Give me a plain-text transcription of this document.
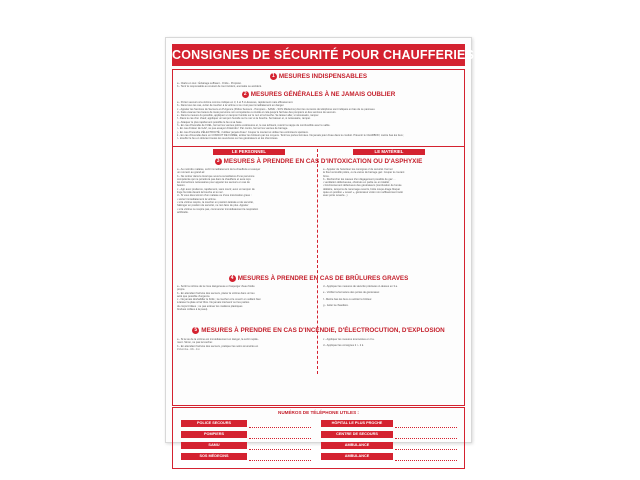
CONSIGNES DE SÉCURITÉ POUR CHAUFFERIES
1 MESURES INDISPENSABLES
a - Clarté en tout : Éclairage suffisant - Ordre - Propreté.
b - Tenir le responsable au courant de tout incident, anomalie ou accident.
2 MESURES GÉNÉRALES À NE JAMAIS OUBLIER
a - Porter secours à la victime comme indiqué en 3, 4 et 5 ci-dessous, rapidement mais efficacement.
b - Dans tous les cas, éviter de toucher à la victime si ce n'est pas immédiatement en danger.
c - Appeler les Services de Secours et d'Urgence (Police Secours - Pompiers - SAMU - SOS Médecins) dont les numéros de téléphone sont indiqués en bas de ce panneau.
d - Faire évacuer les locaux de toute personne non compétente ou inutile et cela jusqu'à l'arrivée des pompiers et des services de secours.
e - Dans la mesure du possible, appliquer un tampon humide sur le nez et la bouche. Se laisser aller, si nécessaire, ramper.
f - Dans le cas d'un chauf, appliquer un tampon humide sur le nez et la bouche. Se baisser et, si nécessaire, ramper.
g - Attaquer le plus rapidement possible le feu à sa base.
h - En cas d'incendie de FUEL, fermer les vannes police extérieures et, le cas échéant, retenir la nappe de combustible avec le sable.
i - En cas d'odeur de GAZ, ne pas essayer d'éteindre ! Par contre, fermer les vannes de barrage.
j - En cas d'incendie d'ÉLECTRICITÉ, n'utiliser jamais d'eau ! Couper le courant et utiliser les extincteurs spéciaux.
k - En cas d'incendie dans un CONDUIT DE FUMÉE, arrêter les brûleurs par les moyens. Tenir les portes fermées. Ne jamais jeter d'eau dans le conduit. Prévenir le CHARBON; mettre bas les feux ;
l - étouffer le feu en obturant toutes les ouvertures sur les générateurs et les cheminées.
LE PERSONNEL	LE MATÉRIEL
3 MESURES À PRENDRE EN CAS D'INTOXICATION OU D'ASPHYXIE
a - Au moindre malaise, sortir immédiatement de la chaufferie et essayer
un moment au grand air.
b - Ne rentrer dans le local que sous la surveillance d'une personne
compétente qui ne pénètrera pas dans la chaufferie et aura reçu
les instructions nécessaires pour appeler les secours en cas de
besoin.
c - Agir avec prudence, rapidement, sans courir, avec un tampon de
linge humide devant la bouche et le nez.
d - Si vous êtes témoin d'un malaise ou d'une intoxication grave :
• sortez immédiatement la victime.
• si la victime respire, la coucher en position latérale et de sécurité,
l'allonger en position de sécurité, ne rien faire de plus. Appeler
• si la victime ne respire pas, commencer immédiatement la respiration
artificielle.
a - Appeler de l'extérieur les consignes 2 de sécurité. Fermer
le fioul verrouillé police, ou la vanne de barrage gaz. Couper le courant
force.
b - Rechercher les causes d'un dégagement possible de gaz ...
• ventilation défectueuse, obstrués en partie ou en totalité ;
• fonctionnement défectueux des générateurs (combustion de fumée
délétère, tampons de ramonage ouverts, boîte coupe-tirage bloqué
quée en position « ouvert », générateur voisin non suffisamment isolé
avec porte ouverte...)
4 MESURES À PRENDRE EN CAS DE BRÛLURES GRAVES
a - Sortir la victime de la zone dangereuse et l'asperger d'eau froide
propre.
b - En attendant l'arrivée des secours, placer la victime dans un lieu
aéré que possible d'urgence.
c - Ne jamais déshabiller le brûlé ; la coucher et le couvrir en veillant bien
à laisser la plaie à l'air libre. Ne jamais intervenir sur les parties
du corps brûlées ; ne pas enlever les matières plastiques
fondues collées à la peau).
d - Appliquer les mesures de sécurité précisées ci-dessus en 3 a.
e - Vérifier la fermeture des portes de générateur.
f - Mettre bas les feux ou arrêter le brûleur.
g - Isoler la chaudière.
5 MESURES À PRENDRE EN CAS D'INCENDIE, D'ÉLECTROCUTION, D'EXPLOSION
a - Si la vie de la victime est immédiatement en danger, la sortir rapide-
ment. Sinon, ne pas la toucher.
b - En attendant l'arrivée des secours, pratiquer les soins énumérés en
3 d et 4 a - 4 b - 4 c.
c - Appliquer les mesures énumérées en 3 a.
d - Appliquer les consignes 2 i - 2 k.
NUMÉROS DE TÉLÉPHONE UTILES :
POLICE SECOURS
POMPIERS
SAMU
SOS MÉDECINS
HÔPITAL LE PLUS PROCHE
CENTRE DE SECOURS
AMBULANCE
AMBULANCE
